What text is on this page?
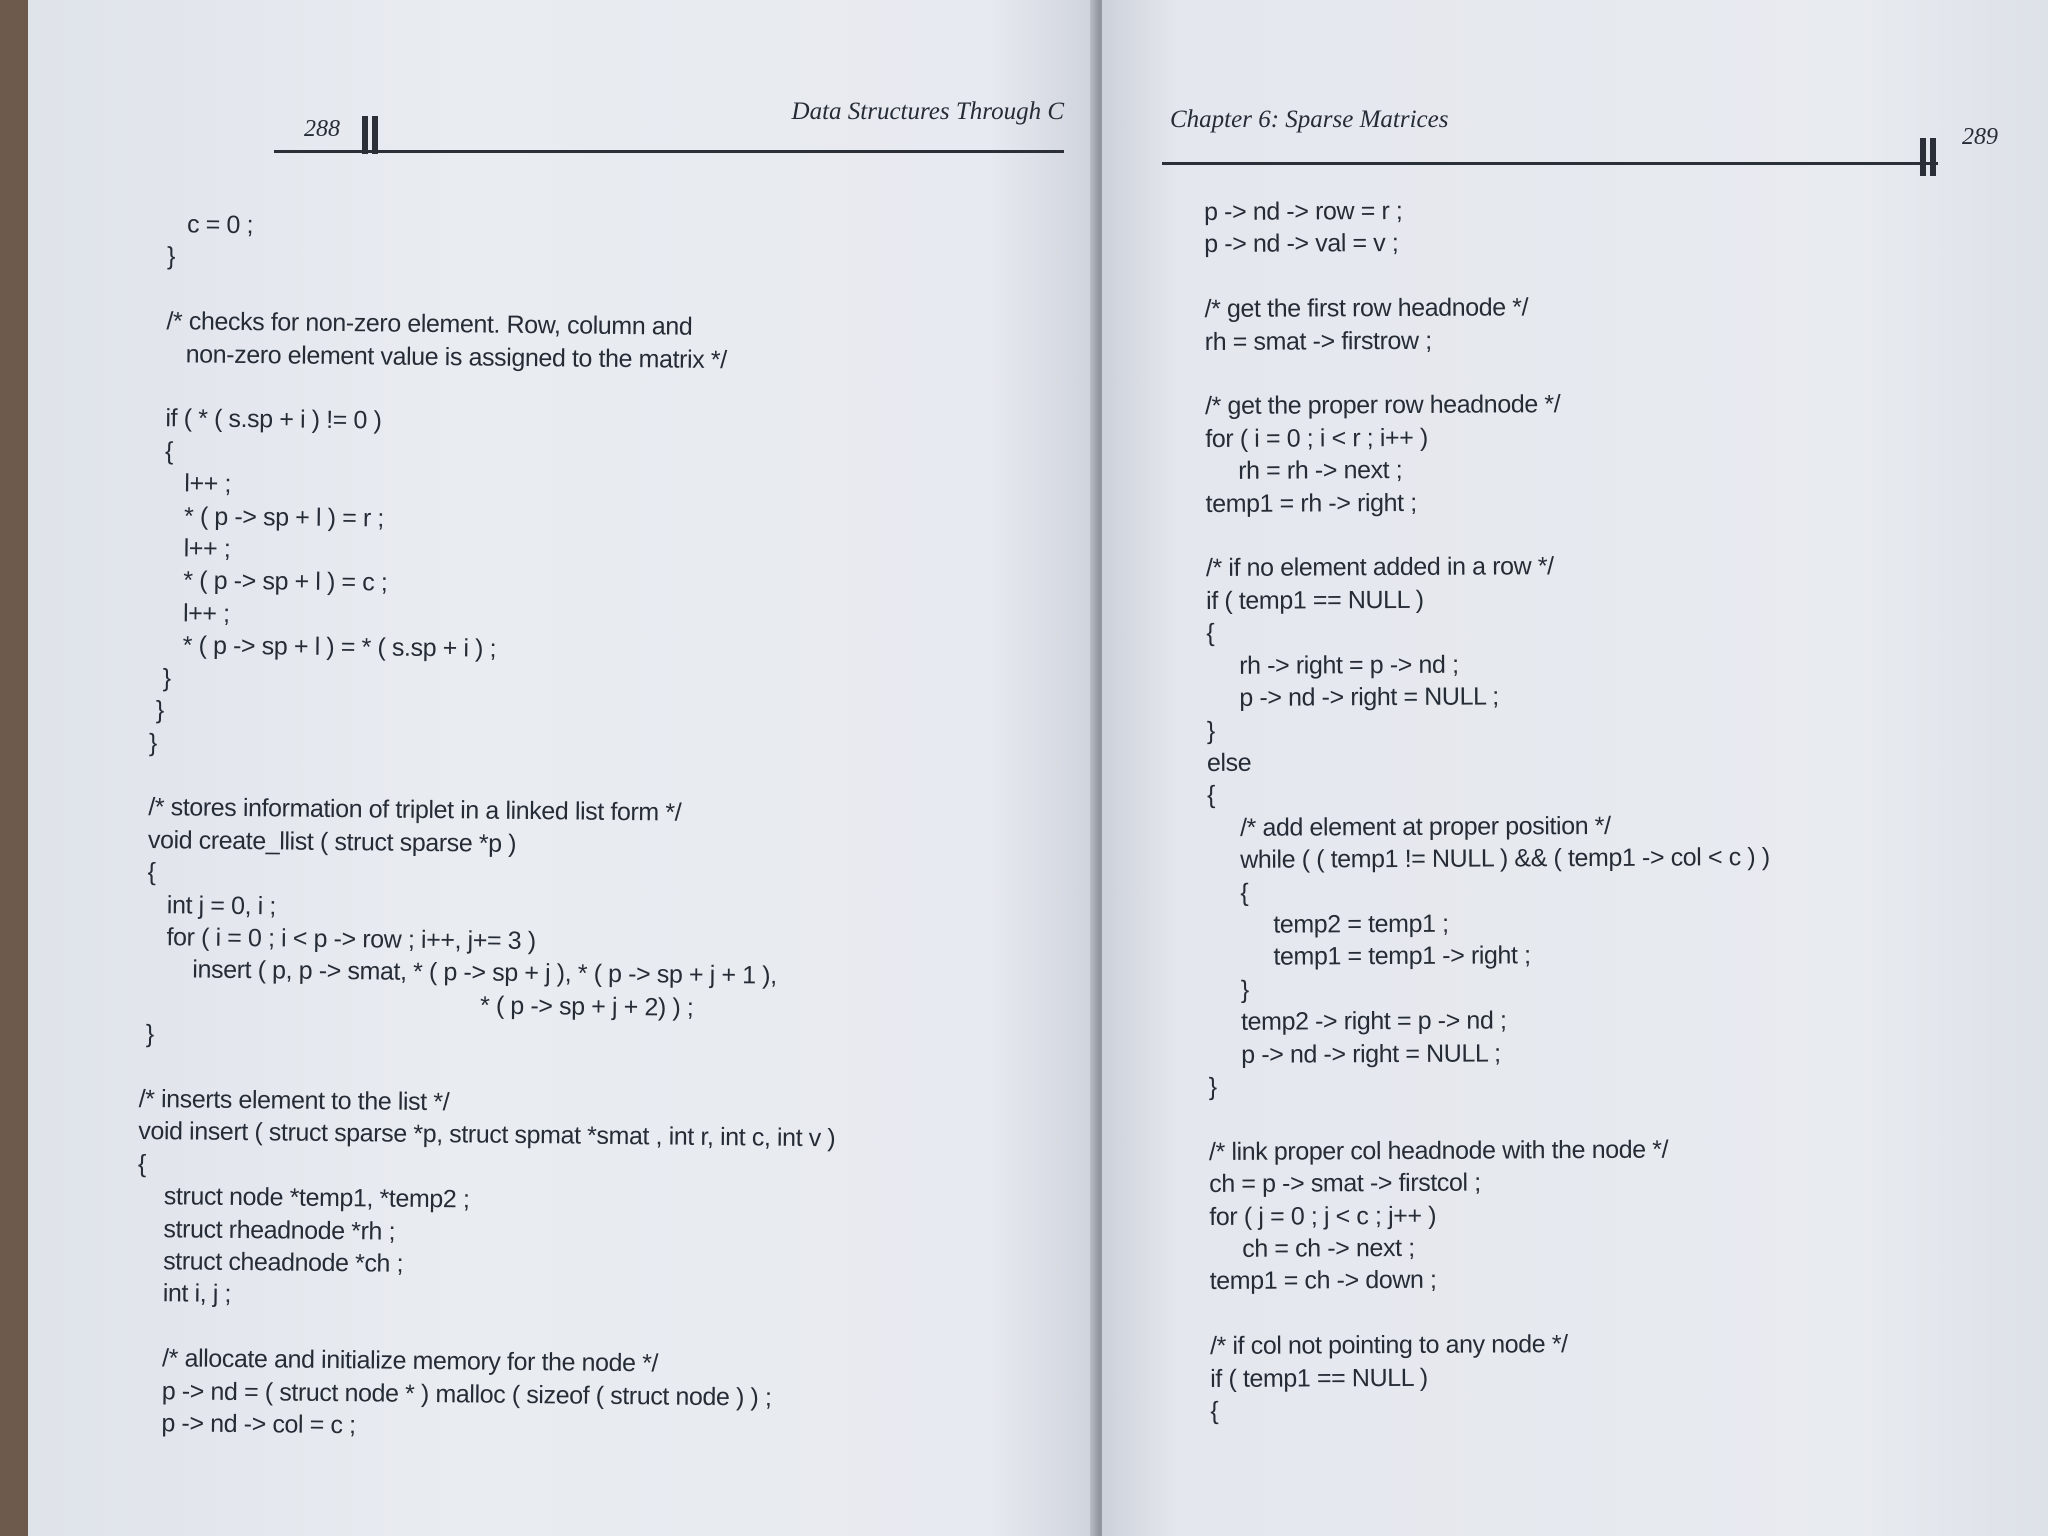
288
Data Structures Through C
c = 0 ;
}

/* checks for non-zero element. Row, column and
non-zero element value is assigned to the matrix */

if ( * ( s.sp + i ) != 0 )
{
l++ ;
* ( p -> sp + l ) = r ;
l++ ;
* ( p -> sp + l ) = c ;
l++ ;
* ( p -> sp + l ) = * ( s.sp + i ) ;
}
}
}

/* stores information of triplet in a linked list form */
void create_llist ( struct sparse *p )
{
int j = 0, i ;
for ( i = 0 ; i < p -> row ; i++, j+= 3 )
insert ( p, p -> smat, * ( p -> sp + j ), * ( p -> sp + j + 1 ),
* ( p -> sp + j + 2) ) ;
}

/* inserts element to the list */
void insert ( struct sparse *p, struct spmat *smat , int r, int c, int v )
{
struct node *temp1, *temp2 ;
struct rheadnode *rh ;
struct cheadnode *ch ;
int i, j ;

/* allocate and initialize memory for the node */
p -> nd = ( struct node * ) malloc ( sizeof ( struct node ) ) ;
p -> nd -> col = c ;
Chapter 6: Sparse Matrices
289
p -> nd -> row = r ;
p -> nd -> val = v ;

/* get the first row headnode */
rh = smat -> firstrow ;

/* get the proper row headnode */
for ( i = 0 ; i < r ; i++ )
rh = rh -> next ;
temp1 = rh -> right ;

/* if no element added in a row */
if ( temp1 == NULL )
{
rh -> right = p -> nd ;
p -> nd -> right = NULL ;
}
else
{
/* add element at proper position */
while ( ( temp1 != NULL ) && ( temp1 -> col < c ) )
{
temp2 = temp1 ;
temp1 = temp1 -> right ;
}
temp2 -> right = p -> nd ;
p -> nd -> right = NULL ;
}

/* link proper col headnode with the node */
ch = p -> smat -> firstcol ;
for ( j = 0 ; j < c ; j++ )
ch = ch -> next ;
temp1 = ch -> down ;

/* if col not pointing to any node */
if ( temp1 == NULL )
{
